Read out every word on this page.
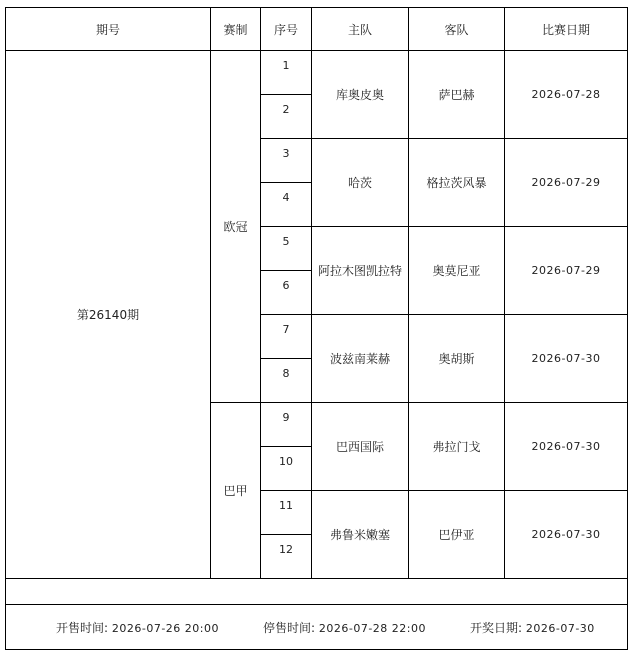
期号	赛制	序号	主队	客队	比赛日期
第26140期	欧冠	1	库奥皮奥	萨巴赫	2026-07-28
		2			
		3	哈茨	格拉茨风暴	2026-07-29
		4			
		5	阿拉木图凯拉特	奥莫尼亚	2026-07-29
		6			
		7	波兹南莱赫	奥胡斯	2026-07-30
		8			
	巴甲	9	巴西国际	弗拉门戈	2026-07-30
		10			
		11	弗鲁米嫩塞	巴伊亚	2026-07-30
		12			

开售时间: 2026-07-26 20:00 停售时间: 2026-07-28 22:00 开奖日期: 2026-07-30					
